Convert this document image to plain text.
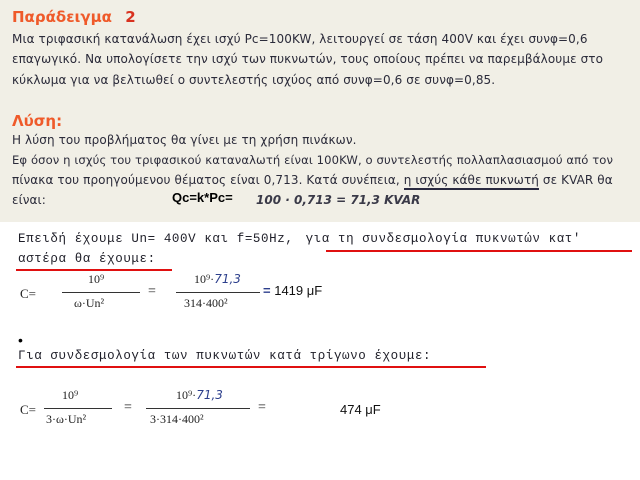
Παράδειγμα 2
Μια τριφασική κατανάλωση έχει ισχύ Pc=100KW, λειτουργεί σε τάση 400V και έχει συνφ=0,6
επαγωγικό. Να υπολογίσετε την ισχύ των πυκνωτών, τους οποίους πρέπει να παρεμβάλουμε στο
κύκλωμα για να βελτιωθεί ο συντελεστής ισχύος από συνφ=0,6 σε συνφ=0,85.
Λύση:
Η λύση του προβλήματος θα γίνει με τη χρήση πινάκων.
Εφ όσον η ισχύς του τριφασικού καταναλωτή είναι 100KW, ο συντελεστής πολλαπλασιασμού από τον
πίνακα του προηγούμενου θέματος είναι 0,713. Κατά συνέπεια, η ισχύς κάθε πυκνωτή σε KVAR θα
είναι:	Qc=k*Pc= 100 · 0,713 = 71,3 KVAR
Επειδή έχουμε Un= 400V και f=50Hz, για τη συνδεσμολογία πυκνωτών κατ'
αστέρα θα έχουμε:
C=
10⁹
ω·Un²
=
10⁹·71,3
314·400²
= 1419 μF
•
Για συνδεσμολογία των πυκνωτών κατά τρίγωνο έχουμε:
C=
10⁹
3·ω·Un²
=
10⁹·71,3
3·314·400²
=	474 μF
